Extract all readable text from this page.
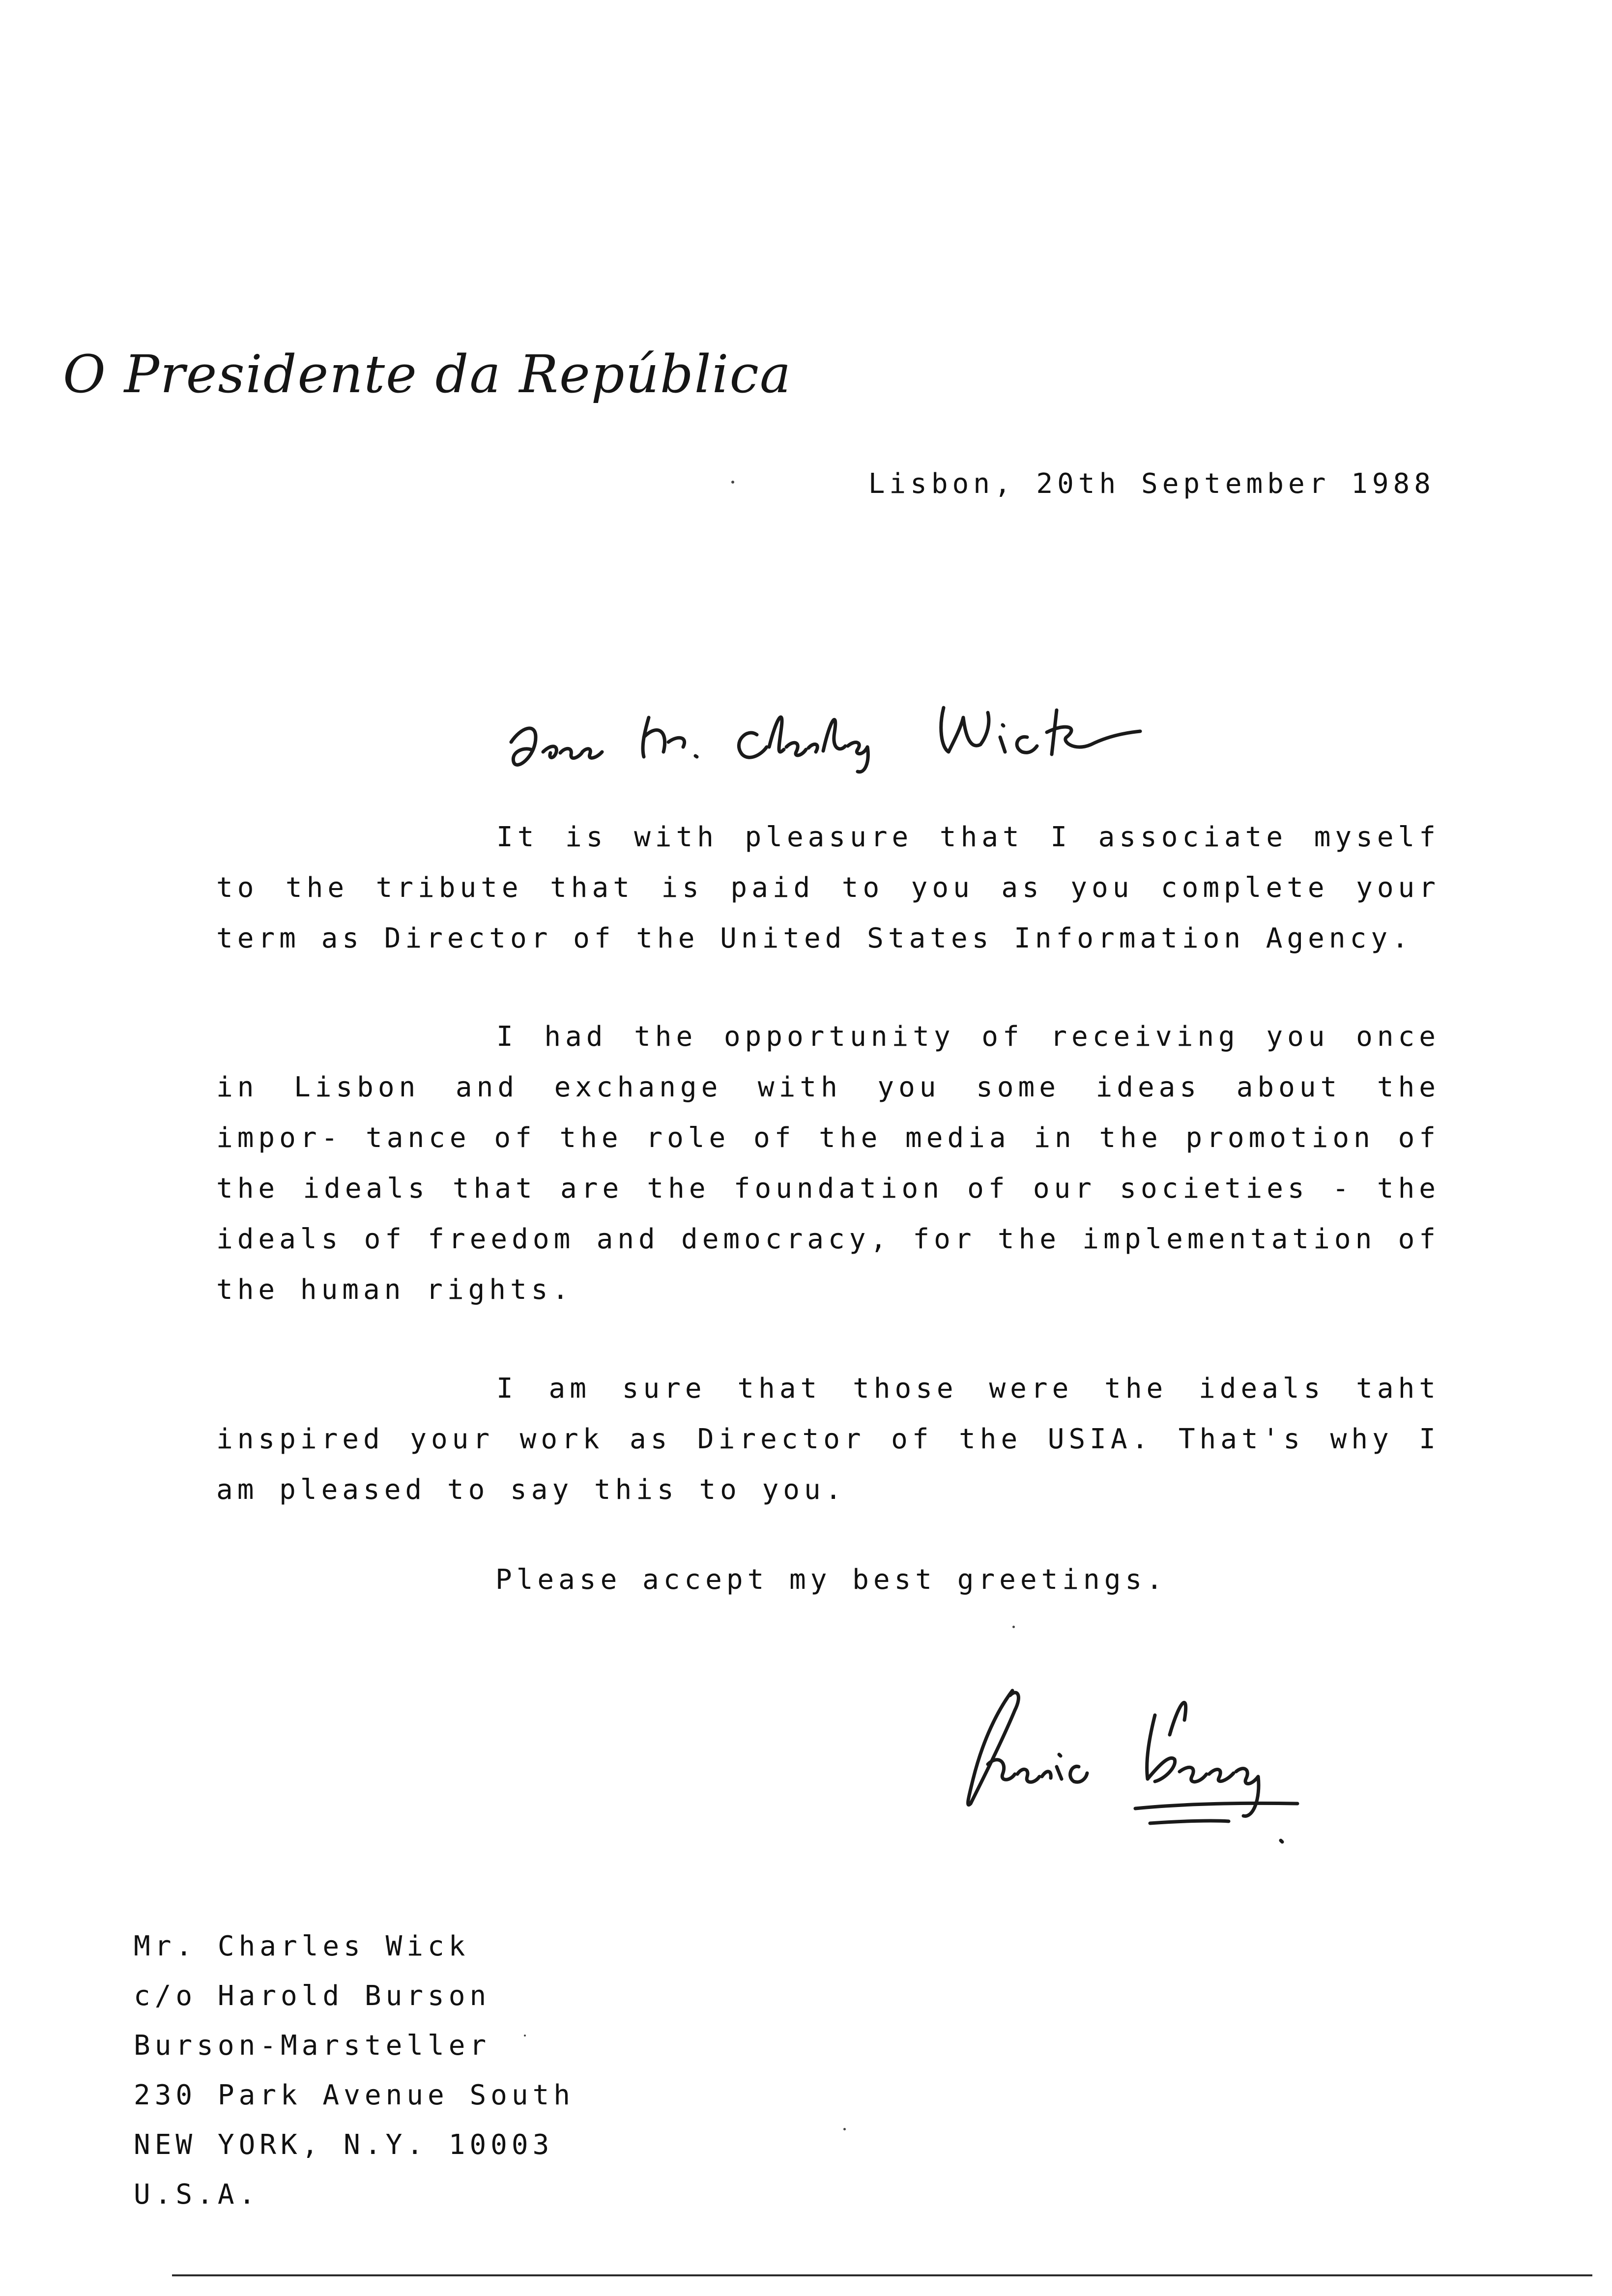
O Presidente da República
Lisbon, 20th September 1988

It is with pleasure that I associate myself to the tribute that is paid to you as you complete your term as Director of the United States Information Agency.

I had the opportunity of receiving you once in Lisbon and exchange with you some ideas about the impor- tance of the role of the media in the promotion of the ideals that are the foundation of our societies - the ideals of freedom and democracy, for the implementation of the human rights.

I am sure that those were the ideals taht inspired your work as Director of the USIA. That's why I am pleased to say this to you.

Please accept my best greetings.
Mr. Charles Wick
c/o Harold Burson
Burson-Marsteller
230 Park Avenue South
NEW YORK, N.Y. 10003
U.S.A.
